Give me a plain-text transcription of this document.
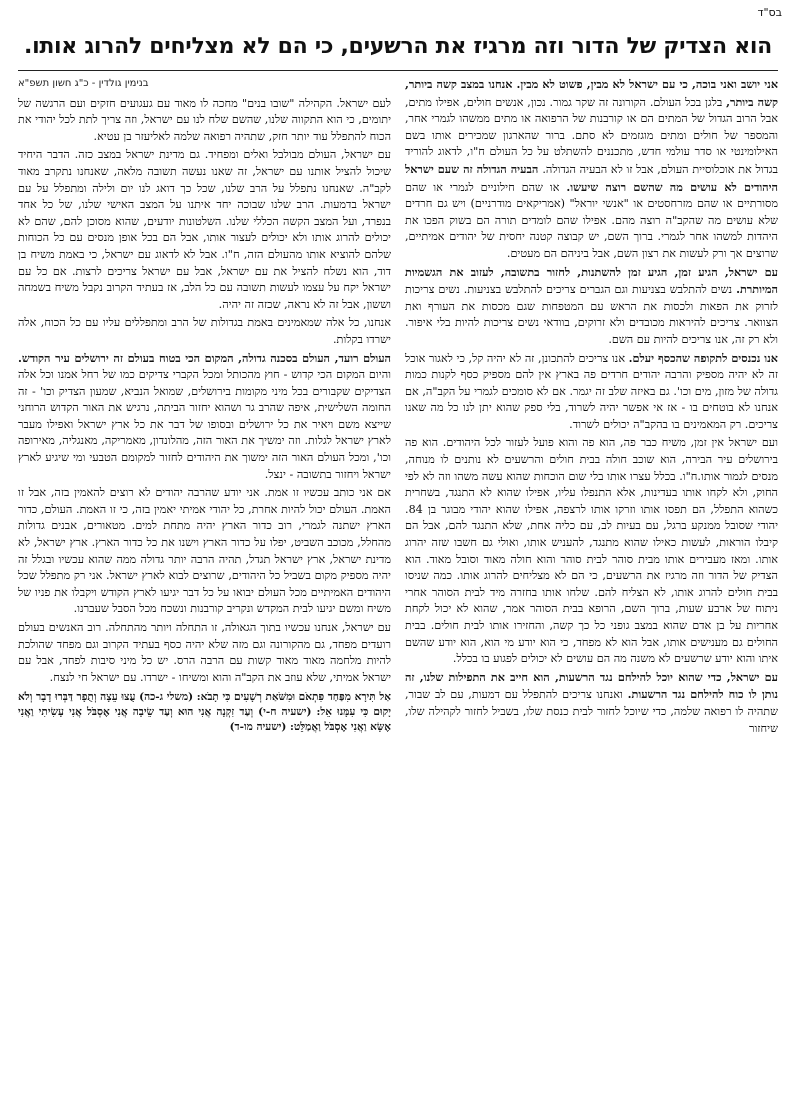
בס"ד
הוא הצדיק של הדור וזה מרגיז את הרשעים, כי הם לא מצליחים להרוג אותו.

אני יושב ואני בוכה, כי עם ישראל לא מבין, פשוט לא מבין. אנחנו במצב קשה ביותר, קשה ביותר, בלגן בכל העולם. הקורונה זה שקר גמור. נכון, אנשים חולים, אפילו מתים, אבל הרוב הגדול של המתים הם או קורבנות של הרפואה או מתים ממשהו לגמרי אחר, והמספר של חולים ומתים מוגזמים לא סתם. ברור שהארגון שמכירים אותו בשם האילומינטי או סדר עולמי חדש, מתכננים להשתלט על כל העולם ח"ו, לדאוג להוריד בגדול את אוכלוסיית העולם, אבל זו לא הבעיה הגדולה. הבעיה הגדולה זה שעם ישראל היהודים לא עושים מה שהשם רוצה שיעשו. או שהם חילוניים לגמרי או שהם מסורתיים או שהם מזרחסטים או "אנשי יוראל" (אמריקאים מודרניים) ויש גם חרדים שלא עושים מה שהקב"ה רוצה מהם. אפילו שהם לומדים תורה הם בשוק הפכו את היהדות למשהו אחר לגמרי. ברוך השם, יש קבוצה קטנה יחסית של יהודים אמיתיים, שרוצים אך ורק לעשות את רצון השם, אבל ביניהם הם מעטים.

עם ישראל, הגיע זמן, הגיע זמן להשתנות, לחזור בתשובה, לעזוב את הגשמיות המיותרת. נשים להתלבש בצניעות וגם הגברים צריכים להתלבש בצניעות. נשים צריכות לזרוק את הפאות ולכסות את הראש עם המטפחות שגם מכסות את העורף ואת הצוואר. צריכים להיראות מכובדים ולא זרוקים, בוודאי נשים צריכות להיות בלי איפור. ולא רק זה, אנו צריכים להיות עם השם.

אנו נכנסים לתקופה שהכסף יעלם. אנו צריכים להתכונן, זה לא יהיה קל, כי לאגור אוכל זה לא יהיה מספיק והרבה יהודים חרדים פה בארץ אין להם מספיק כסף לקנות כמות גדולה של מזון, מים וכו'. גם באיזה שלב זה יגמר. אם לא סומכים לגמרי על הקב"ה, אם אנחנו לא בוטחים בו - אז אי אפשר יהיה לשרוד, בלי ספק שהוא יתן לנו כל מה שאנו צריכים. רק המאמינים בו בהקב"ה יכולים לשרוד.

ועם ישראל אין זמן, משיח כבר פה, הוא פה והוא פועל לעזור לכל היהודים. הוא פה בירושלים עיר הבירה, הוא שוכב חולה בבית חולים והרשעים לא נותנים לו מנוחה, מנסים לגמור אותו.ח"ו. בכלל עצרו אותו בלי שום הוכחות שהוא עשה משהו וזה לא לפי החוק, ולא לקחו אותו בעדינות, אלא התנפלו עליו, אפילו שהוא לא התנגד, בשחרית כשהוא התפלל, הם תפסו אותו וזרקו אותו לרצפה, אפילו שהוא יהודי מבוגר בן 84. יהודי שסובל ממנקע ברגל, עם בעיות לב, עם כליה אחת, שלא התנגד להם, אבל הם קיבלו הוראות, לעשות כאילו שהוא מתנגד, להעניש אותו, ואולי גם חשבו שזה יהרוג אותו. ומאז מעבירים אותו מבית סוהר לבית סוהר והוא חולה מאוד וסובל מאוד. הוא הצדיק של הדור וזה מרגיז את הרשעים, כי הם לא מצליחים להרוג אותו. כמה שניסו בבית חולים להרוג אותו, לא הצליח להם. שלחו אותו בחזרה מיד לבית הסוהר אחרי ניתוח של ארבע שעות, ברוך השם, הרופא בבית הסוהר אמר, שהוא לא יכול לקחת אחריות על בן אדם שהוא במצב גופני כל כך קשה, והחזירו אותו לבית חולים. בבית החולים גם מענישים אותו, אבל הוא לא מפחד, כי הוא יודע מי הוא, הוא יודע שהשם איתו והוא יודע שרשעים לא משנה מה הם עושים לא יכולים לפגוע בו בכלל.

עם ישראל, כדי שהוא יוכל להילחם נגד הרשעות, הוא חייב את התפילות שלנו, זה נותן לו כוח להילחם נגד הרשעות. ואנחנו צריכים להתפלל עם דמעות, עם לב שבור, שתהיה לו רפואה שלמה, כדי שיוכל לחזור לבית כנסת שלו, בשביל לחזור לקהילה שלו, שיחזור

בנימין גולדין - כ"ג חשון תשפ"א

לעם ישראל. הקהילה "שובו בנים" מחכה לו מאוד עם געגועים חזקים ועם הרגשה של יתומים, כי הוא התקווה שלנו, שהשם שלח לנו עם ישראל, וזה צריך לתת לכל יהודי את הכוח להתפלל עוד יותר חזק, שתהיה רפואה שלמה לאליעזר בן עטיא.

עם ישראל, העולם מבולבל ואלים ומפחיד. גם מדינת ישראל במצב כזה. הדבר היחיד שיכול להציל אותנו עם ישראל, זה שאנו נעשה תשובה מלאה, שאנחנו נתקרב מאוד לקב"ה. שאנחנו נתפלל על הרב שלנו, שכל כך דואג לנו יום ולילה ומתפלל על עם ישראל בדמעות. הרב שלנו שבוכה יחד איתנו על המצב האישי שלנו, של כל אחד בנפרד, ועל המצב הקשה הכללי שלנו. השלטונות יודעים, שהוא מסוכן להם, שהם לא יכולים להרוג אותו ולא יכולים לעצור אותו, אבל הם בכל אופן מנסים עם כל הכוחות שלהם להוציא אותו מהעולם הזה, ח"ו. אבל לא לדאוג עם ישראל, כי באמת משיח בן דוד, הוא נשלח להציל את עם ישראל, אבל עם ישראל צריכים לרצות. אם כל עם ישראל יקח על עצמו לעשות תשובה עם כל הלב, אז בעתיד הקרוב נקבל משיח בשמחה וששון, אבל זה לא נראה, שכזה זה יהיה.

אנחנו, כל אלה שמאמינים באמת בגדולות של הרב ומתפללים עליו עם כל הכוח, אלה ישרדו בקלות.

העולם רועד, העולם בסכנה גדולה, המקום הכי בטוח בעולם זה ירושלים עיר הקודש. והיום המקום הכי קדוש - חוץ מהכותל ומכל הקברי צדיקים כמו של רחל אמנו וכל אלה הצדיקים שקבורים בכל מיני מקומות בירושלים, שמואל הנביא, שמעון הצדיק וכו' - זה החומה השלישית, איפה שהרב גר ושהוא יחזור הביתה, נרגיש את האור הקדוש הרוחני שייצא משם ויאיר את כל ירושלים ובסופו של דבר את כל ארץ ישראל ואפילו מעבר לארץ ישראל לגלות. וזה ימשיך את האור הזה, מהלונדון, מאמריקה, מאנגליה, מאירופה וכו', ומכל העולם האור הזה ימשוך את היהודים לחזור למקומם הטבעי ומי שיגיע לארץ ישראל ויחזור בתשובה - ינצל.

אם אני כותב עכשיו זו אמת. אני יודע שהרבה יהודים לא רוצים להאמין בזה, אבל זו האמת. העולם יכול להיות אחרת, כל יהודי אמיתי יאמין בזה, כי זו האמת. העולם, כדור הארץ ישתנה לגמרי, רוב כדור הארץ יהיה מתחת למים. מטאורים, אבנים גדולות מהחלל, מכוכב השביט, יפלו על כדור הארץ וישנו את כל כדור הארץ. ארץ ישראל, לא מדינת ישראל, ארץ ישראל תגדל, תהיה הרבה יותר גדולה ממה שהוא עכשיו ובגלל זה יהיה מספיק מקום בשביל כל היהודים, שרוצים לבוא לארץ ישראל. אני רק מתפלל שכל היהודים האמיתיים מכל העולם יבואו על כל דבר יגיעו לארץ הקודש ויקבלו את פניו של משיח ומשם יגיעו לבית המקדש ונקריב קורבנות ונשכח מכל הסבל שעברנו.

עם ישראל, אנחנו עכשיו בתוך הגאולה, זו התחלה ויותר מהתחלה. רוב האנשים בעולם רועדים מפחד, גם מהקורונה וגם מזה שלא יהיה כסף בעתיד הקרוב וגם מפחד שהולכת להיות מלחמה מאוד מאוד קשות עם הרבה הרס. יש כל מיני סיבות לפחד, אבל עם ישראל אמיתי, שלא עוזב את הקב"ה והוא ומשיחו - ישרדו. עם ישראל חי לנצח.

אַל תִּירָא מִפַּחַד פִּתְאֹם וּמִשֹּׁאַת רְשָׁעִים כִּי תָבֹא: (משלי ג-כה) עֻצוּ עֵצָה וְתֻפָר דַּבְּרוּ דָבָר וְלֹא יָקוּם כִּי עִמָּנוּ אֵל: (ישעיה ח-י) וְעַד זִקְנָה אֲנִי הוּא וְעַד שֵׂיבָה אֲנִי אֶסְבֹּל אֲנִי עָשִׂיתִי וַאֲנִי אֶשָּׂא וַאֲנִי אֶסְבֹּל וַאֲמַלֵּט: (ישעיה מו-ד)
